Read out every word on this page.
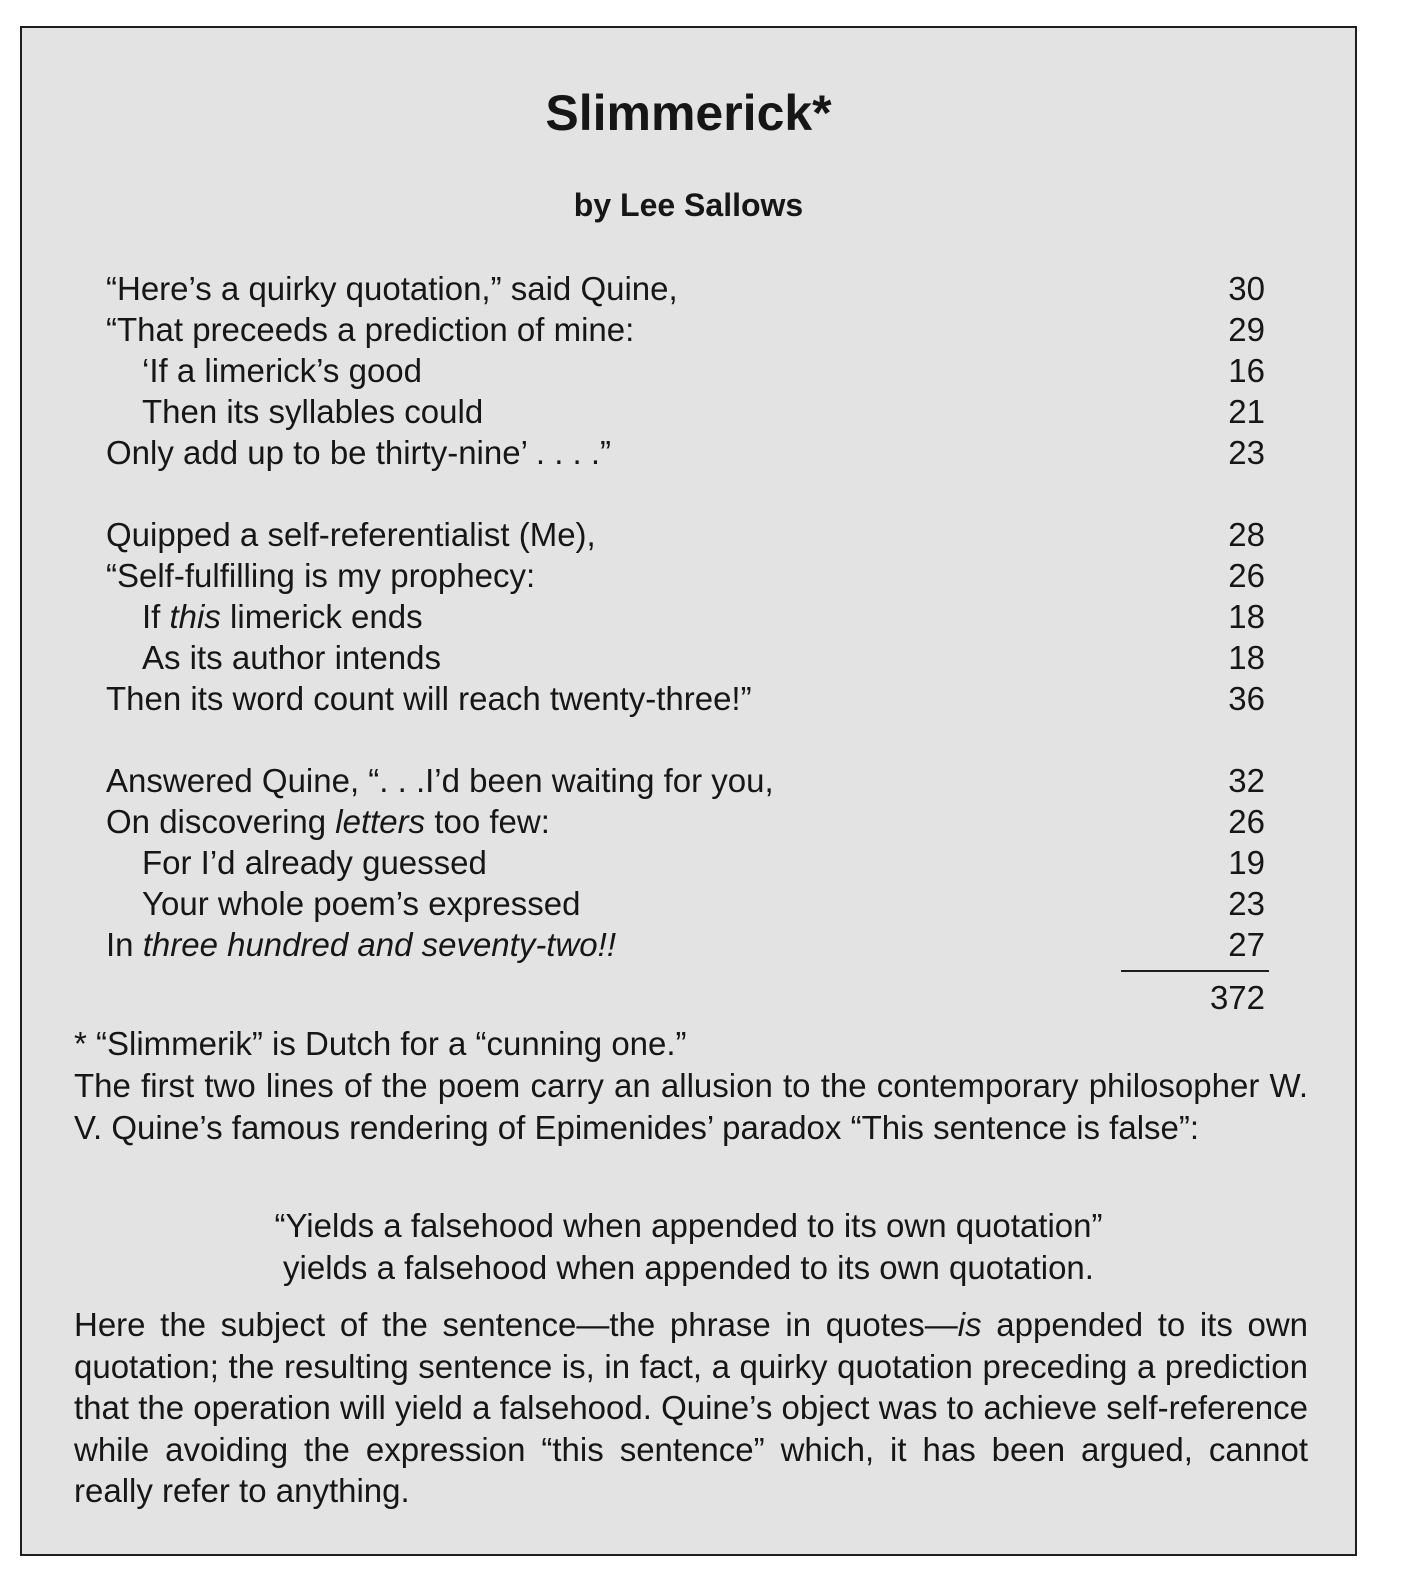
Slimmerick*
by Lee Sallows
“Here’s a quirky quotation,” said Quine,	30
“That preceeds a prediction of mine:	29
‘If a limerick’s good	16
Then its syllables could	21
Only add up to be thirty-nine’ . . . .”	23
Quipped a self-referentialist (Me),	28
“Self-fulfilling is my prophecy:	26
If this limerick ends	18
As its author intends	18
Then its word count will reach twenty-three!”	36
Answered Quine, “. . .I’d been waiting for you,	32
On discovering letters too few:	26
For I’d already guessed	19
Your whole poem’s expressed	23
In three hundred and seventy-two!!	27
372
* “Slimmerik” is Dutch for a “cunning one.”
The first two lines of the poem carry an allusion to the contemporary philosopher W. V. Quine’s famous rendering of Epimenides’ paradox “This sentence is false”:
“Yields a falsehood when appended to its own quotation”
yields a falsehood when appended to its own quotation.
Here the subject of the sentence—the phrase in quotes—is appended to its own quotation; the resulting sentence is, in fact, a quirky quotation preceding a prediction that the operation will yield a falsehood. Quine’s object was to achieve self-reference while avoiding the expression “this sentence” which, it has been argued, cannot really refer to anything.
